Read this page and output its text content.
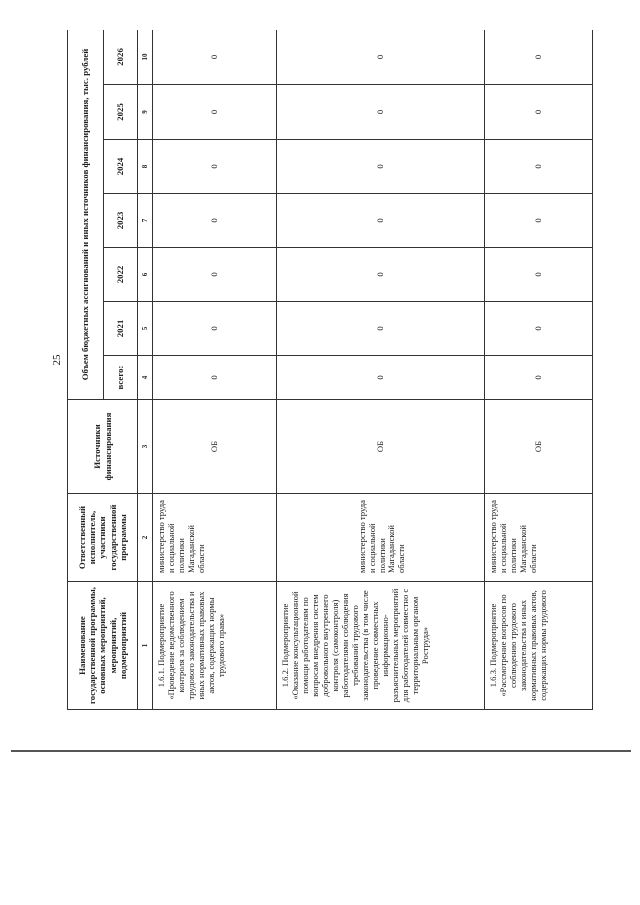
25
Наименование государственной программы, основных мероприятий, мероприятий, подмероприятий	Ответственный исполнитель, участники государственной программы	Источники финансирования	Объем бюджетных ассигнований и иных источников финансирования, тыс. рублей						
			всего:	2021	2022	2023	2024	2025	2026
1	2	3	4	5	6	7	8	9	10
1.6.1. Подмероприятие «Проведение ведомственного контроля за соблюдением трудового законодательства и иных нормативных правовых актов, содержащих нормы трудового права»	министерство труда и социальной политики Магаданской области	ОБ	0	0	0	0	0	0	0
1.6.2. Подмероприятие «Оказание консультационной помощи работодателям по вопросам внедрения систем добровольного внутреннего контроля (самоконтроля) работодателями соблюдения требований трудового законодательства (в том числе проведение совместных информационно-разъяснительных мероприятий для работодателей совместно с территориальным органом Роструда»	министерство труда и социальной политики Магаданской области	ОБ	0	0	0	0	0	0	0
1.6.3. Подмероприятие «Рассмотрение вопросов по соблюдению трудового законодательства и иных нормативных правовых актов, содержащих нормы трудового	министерство труда и социальной политики Магаданской области	ОБ	0	0	0	0	0	0	0
